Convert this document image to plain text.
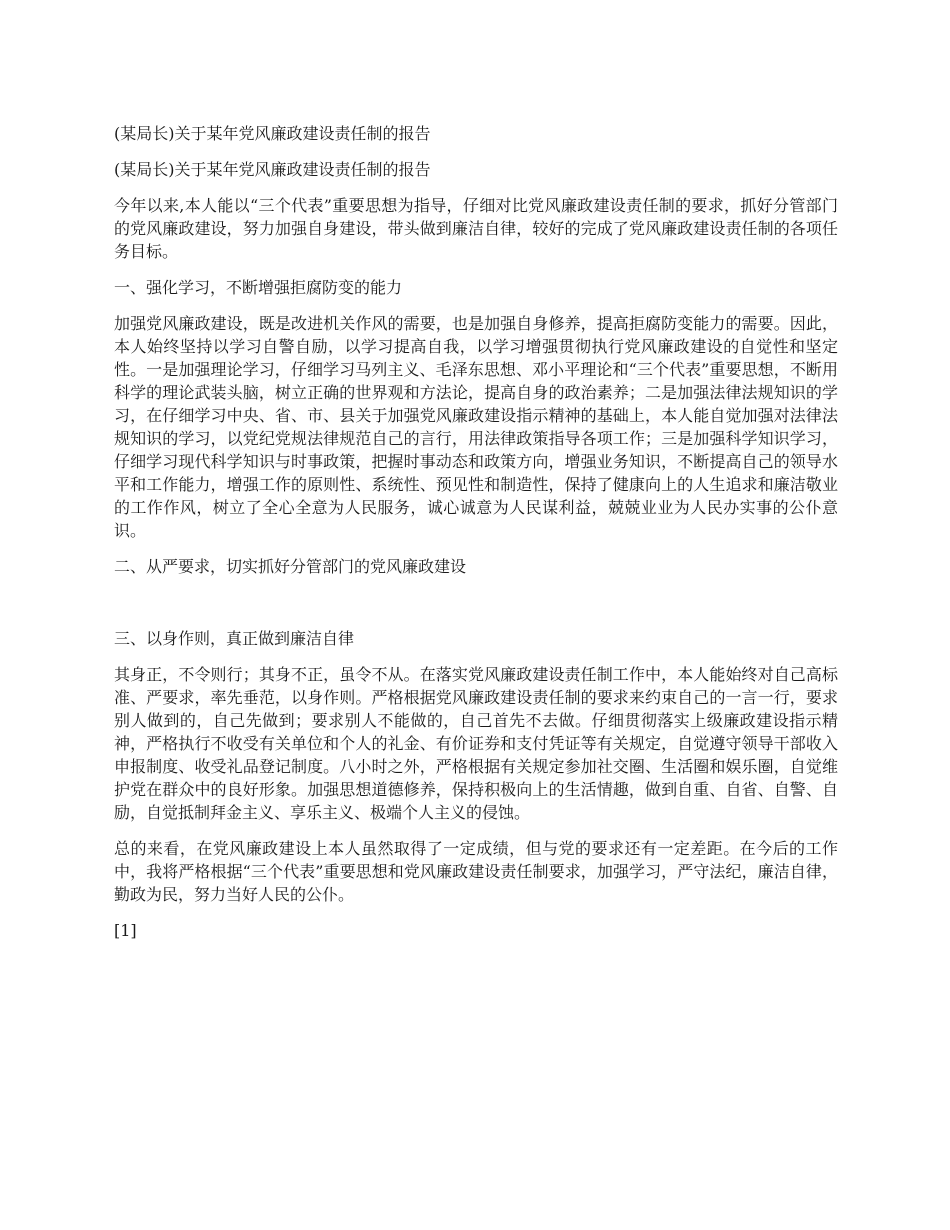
(某局长)关于某年党风廉政建设责任制的报告

(某局长)关于某年党风廉政建设责任制的报告

今年以来,本人能以“三个代表”重要思想为指导，仔细对比党风廉政建设责任制的要求，抓好分管部门的党风廉政建设，努力加强自身建设，带头做到廉洁自律，较好的完成了党风廉政建设责任制的各项任务目标。

一、强化学习，不断增强拒腐防变的能力

加强党风廉政建设，既是改进机关作风的需要，也是加强自身修养，提高拒腐防变能力的需要。因此，本人始终坚持以学习自警自励，以学习提高自我，以学习增强贯彻执行党风廉政建设的自觉性和坚定性。一是加强理论学习，仔细学习马列主义、毛泽东思想、邓小平理论和“三个代表”重要思想，不断用科学的理论武装头脑，树立正确的世界观和方法论，提高自身的政治素养；二是加强法律法规知识的学习，在仔细学习中央、省、市、县关于加强党风廉政建设指示精神的基础上，本人能自觉加强对法律法规知识的学习，以党纪党规法律规范自己的言行，用法律政策指导各项工作；三是加强科学知识学习，仔细学习现代科学知识与时事政策，把握时事动态和政策方向，增强业务知识，不断提高自己的领导水平和工作能力，增强工作的原则性、系统性、预见性和制造性，保持了健康向上的人生追求和廉洁敬业的工作作风，树立了全心全意为人民服务，诚心诚意为人民谋利益，兢兢业业为人民办实事的公仆意识。

二、从严要求，切实抓好分管部门的党风廉政建设

三、以身作则，真正做到廉洁自律

其身正，不令则行；其身不正，虽令不从。在落实党风廉政建设责任制工作中，本人能始终对自己高标准、严要求，率先垂范，以身作则。严格根据党风廉政建设责任制的要求来约束自己的一言一行，要求别人做到的，自己先做到；要求别人不能做的，自己首先不去做。仔细贯彻落实上级廉政建设指示精神，严格执行不收受有关单位和个人的礼金、有价证券和支付凭证等有关规定，自觉遵守领导干部收入申报制度、收受礼品登记制度。八小时之外，严格根据有关规定参加社交圈、生活圈和娱乐圈，自觉维护党在群众中的良好形象。加强思想道德修养，保持积极向上的生活情趣，做到自重、自省、自警、自励，自觉抵制拜金主义、享乐主义、极端个人主义的侵蚀。

总的来看，在党风廉政建设上本人虽然取得了一定成绩，但与党的要求还有一定差距。在今后的工作中，我将严格根据“三个代表”重要思想和党风廉政建设责任制要求，加强学习，严守法纪，廉洁自律，勤政为民，努力当好人民的公仆。

[1]
